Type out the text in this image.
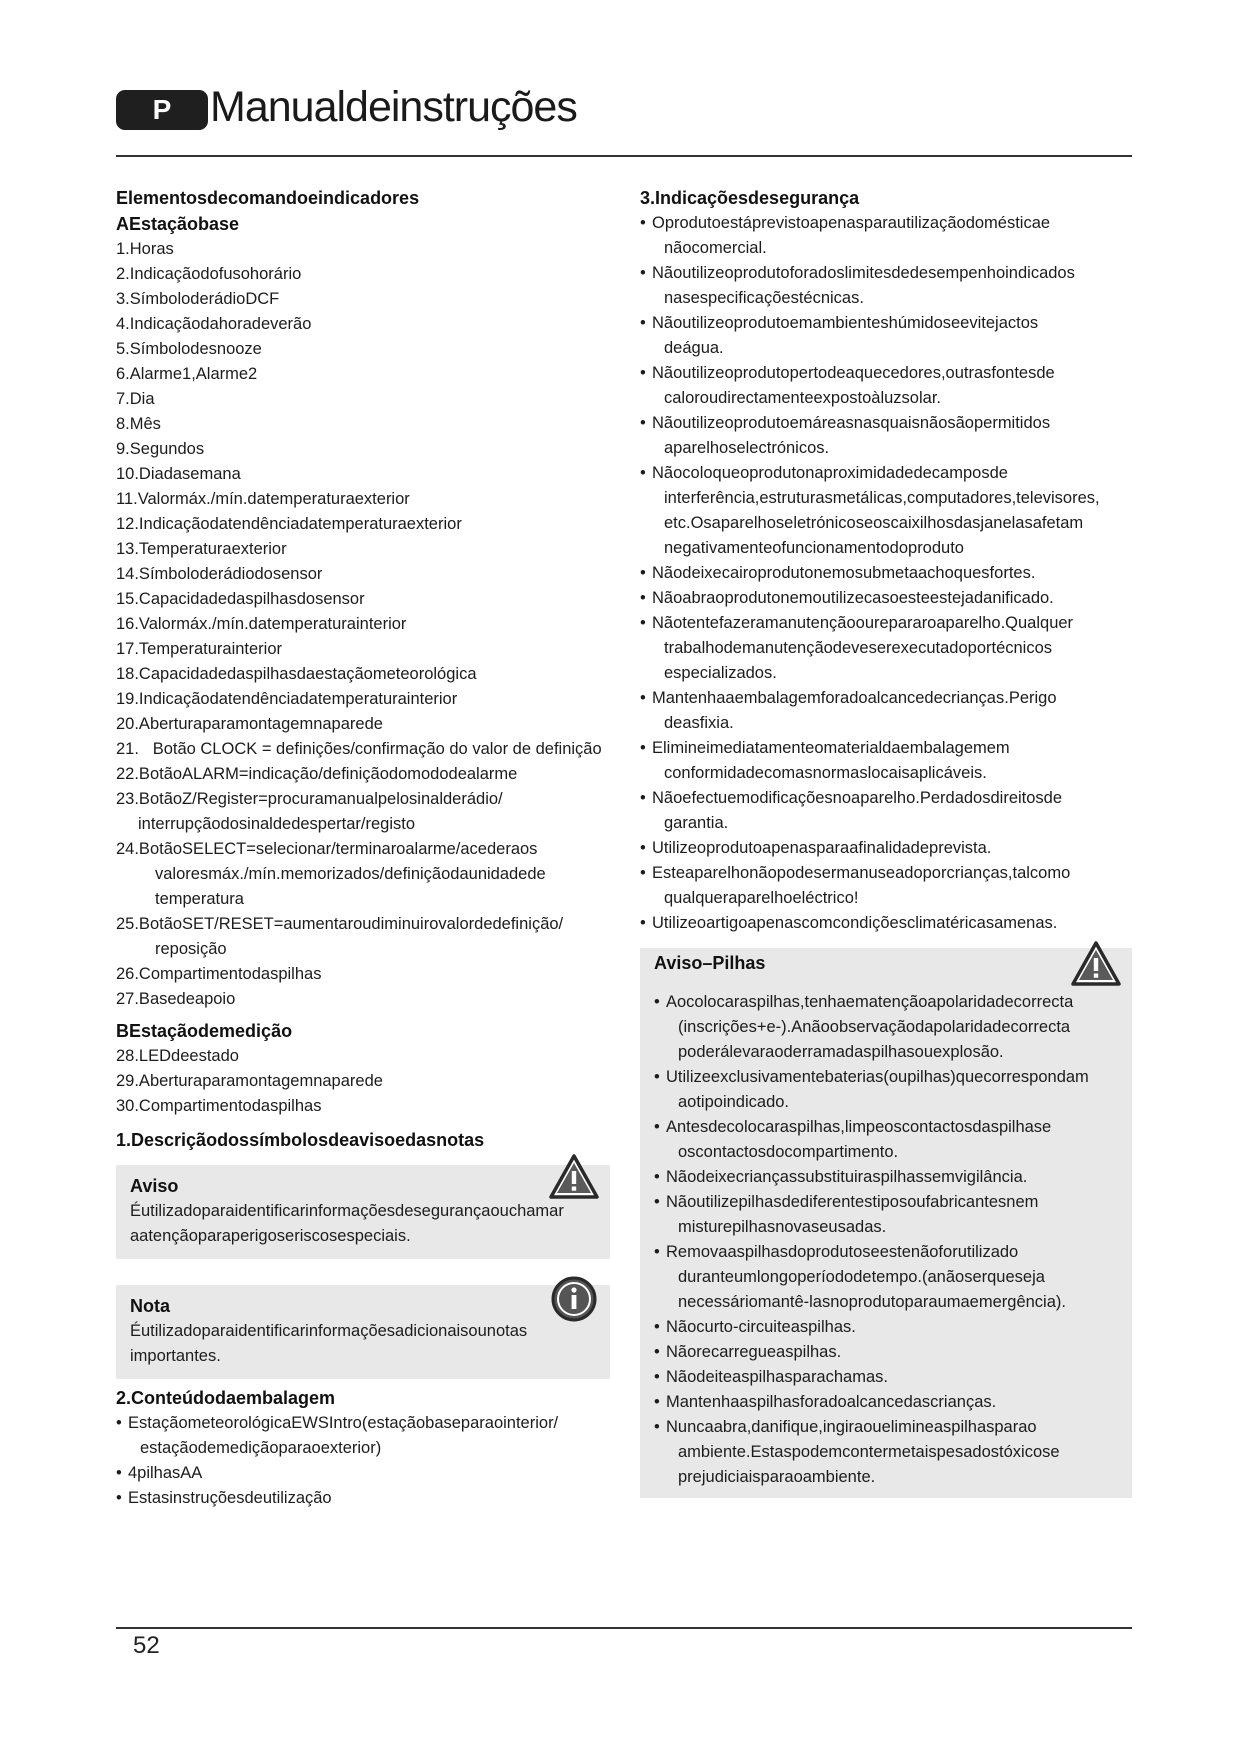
P Manualdeinstruções
Elementosdecomandoeindicadores
AEstaçãobase
1.Horas
2.Indicaçãodofusohorário
3.SímboloderádioDCF
4.Indicaçãodahoradeverão
5.Símbolodesnooze
6.Alarme1,Alarme2
7.Dia
8.Mês
9.Segundos
10.Diadasemana
11.Valormáx./mín.datemperaturaexterior
12.Indicaçãodatendênciadatemperaturaexterior
13.Temperaturaexterior
14.Símboloderádiodosensor
15.Capacidadedaspilhasdosensor
16.Valormáx./mín.datemperaturainterior
17.Temperaturainterior
18.Capacidadedaspilhasdaestaçãometeorológica
19.Indicaçãodatendênciadatemperaturainterior
20.Aberturaparamontagemnaparede
21.   Botão CLOCK = definições/confirmação do valor de definição
22.BotãoALARM=indicação/definiçãodomododealarme
23.BotãoZ/Register=procuramanualpelosinalderádio/
interrupçãodosinaldedespertar/registo
24.BotãoSELECT=selecionar/terminaroalarme/acederaos
valoresmáx./mín.memorizados/definiçãodaunidadede
temperatura
25.BotãoSET/RESET=aumentaroudiminuirovalordedefinição/
reposição
26.Compartimentodaspilhas
27.Basedeapoio
BEstaçãodemedição
28.LEDdeestado
29.Aberturaparamontagemnaparede
30.Compartimentodaspilhas
1.Descriçãodossímbolosdeavisoedasnotas
Aviso
Éutilizadoparaidentificarinformaçõesdesegurançaouchamar
aatençãoparaperigoseriscosespeciais.
Nota
Éutilizadoparaidentificarinformaçõesadicionaisounotas
importantes.
2.Conteúdodaembalagem
• EstaçãometeorológicaEWSIntro(estaçãobaseparaointerior/
estaçãodemediçãoparaoexterior)
• 4pilhasAA
• Estasinstruçõesdeutilização
3.Indicaçõesdesegurança
• Oprodutoestáprevistoapenasparautilizaçãodomésticae
nãocomercial.
• Nãoutilizeoprodutoforadoslimitesdedesempenhoindicados
nasespecificaçõestécnicas.
• Nãoutilizeoprodutoemambienteshúmidoseevitejactos
deágua.
• Nãoutilizeoprodutopertodeaquecedores,outrasfontesde
caloroudirectamenteexpostoàluzsolar.
• Nãoutilizeoprodutoemáreasnasquaisnãosãopermitidos
aparelhoselectrónicos.
• Nãocoloqueoprodutonaproximidadedecamposde
interferência,estruturasmetálicas,computadores,televisores,
etc.Osaparelhoseletrónicoseoscaixilhosdasjanelasafetam
negativamenteofuncionamentodoproduto
• Nãodeixecairoprodutonemosubmetaachoquesfortes.
• Nãoabraoprodutonemoutilizecasoesteestejadanificado.
• Nãotentefazeramanutençãoourepararoaparelho.Qualquer
trabalhodemanutençãodeveserexecutadoportécnicos
especializados.
• Mantenhaaembalagemforadoalcancedecrianças.Perigo
deasfixia.
• Elimineimediatamenteomaterialdaembalagemem
conformidadecomasnormaslocaisaplicáveis.
• Nãoefectuemodificaçõesnoaparelho.Perdadosdireitosde
garantia.
• Utilizeoprodutoapenasparaafinalidadeprevista.
• Esteaparelhonãopodesermanuseadoporcrianças,talcomo
qualqueraparelhoeléctrico!
• Utilizeoartigoapenascomcondiçõesclimatéricasamenas.
Aviso–Pilhas
• Aocolocaraspilhas,tenhaematençãoapolaridadecorrecta
(inscrições+e-).Anãoobservaçãodapolaridadecorrecta
poderálevaraoderramadaspilhasouexplosão.
• Utilizeexclusivamentebaterias(oupilhas)quecorrespondam
aotipoindicado.
• Antesdecolocaraspilhas,limpeoscontactosdaspilhase
oscontactosdocompartimento.
• Nãodeixecriançassubstituiraspilhassemvigilância.
• Nãoutilizepilhasdediferentestiposoufabricantesnem
misturepilhasnovaseusadas.
• Removaaspilhasdoprodutoseestenãoforutilizado
duranteumlongoperíododetempo.(anãoserqueseja
necessáriomantê-lasnoprodutoparaumaemergência).
• Nãocurto-circuiteaspilhas.
• Nãorecarregueaspilhas.
• Nãodeiteaspilhasparachamas.
• Mantenhaaspilhasforadoalcancedascrianças.
• Nuncaabra,danifique,ingiraoueliminеaspilhasparao
ambiente.Estaspodemcontermetaispesadostóxicose
prejudiciaisparaoambiente.
52
